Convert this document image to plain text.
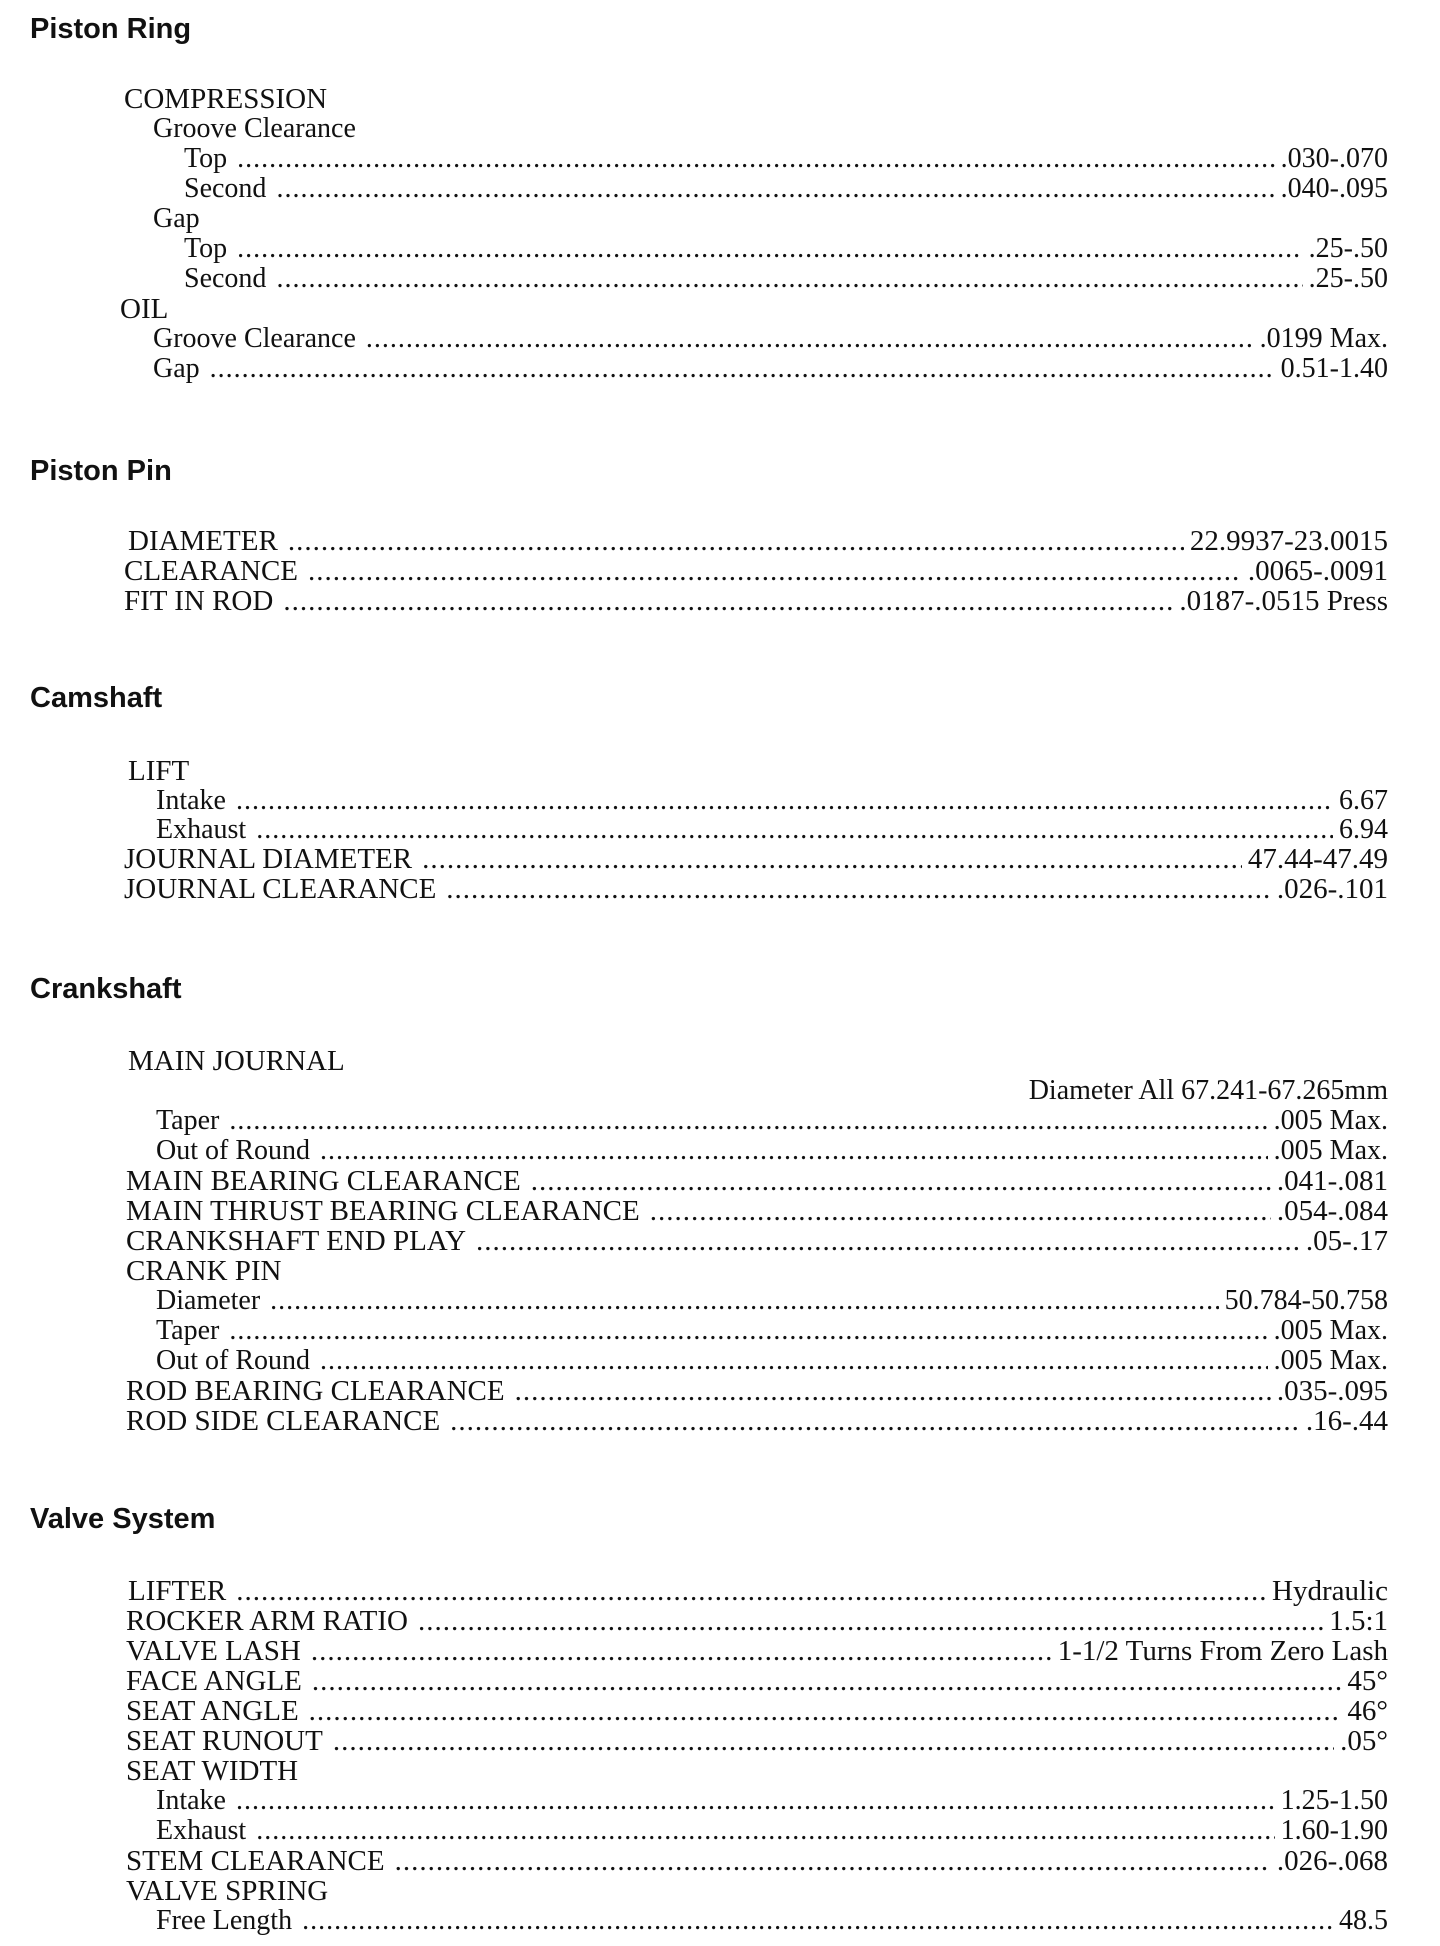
Piston Ring
COMPRESSION
Groove Clearance
Top .....	.030-.070
Second .....	.040-.095
Gap
Top .....	.25-.50
Second .....	.25-.50
OIL
Groove Clearance .....	.0199 Max.
Gap .....	0.51-1.40
Piston Pin
DIAMETER .....	22.9937-23.0015
CLEARANCE .....	.0065-.0091
FIT IN ROD .....	.0187-.0515 Press
Camshaft
LIFT
Intake .....	6.67
Exhaust .....	6.94
JOURNAL DIAMETER .....	47.44-47.49
JOURNAL CLEARANCE .....	.026-.101
Crankshaft
MAIN JOURNAL
Diameter All 67.241-67.265mm
Taper .....	.005 Max.
Out of Round .....	.005 Max.
MAIN BEARING CLEARANCE .....	.041-.081
MAIN THRUST BEARING CLEARANCE .....	.054-.084
CRANKSHAFT END PLAY .....	.05-.17
CRANK PIN
Diameter .....	50.784-50.758
Taper .....	.005 Max.
Out of Round .....	.005 Max.
ROD BEARING CLEARANCE .....	.035-.095
ROD SIDE CLEARANCE .....	.16-.44
Valve System
LIFTER .....	Hydraulic
ROCKER ARM RATIO .....	1.5:1
VALVE LASH .....	1-1/2 Turns From Zero Lash
FACE ANGLE .....	45°
SEAT ANGLE .....	46°
SEAT RUNOUT .....	.05°
SEAT WIDTH
Intake .....	1.25-1.50
Exhaust .....	1.60-1.90
STEM CLEARANCE .....	.026-.068
VALVE SPRING
Free Length .....	48.5
